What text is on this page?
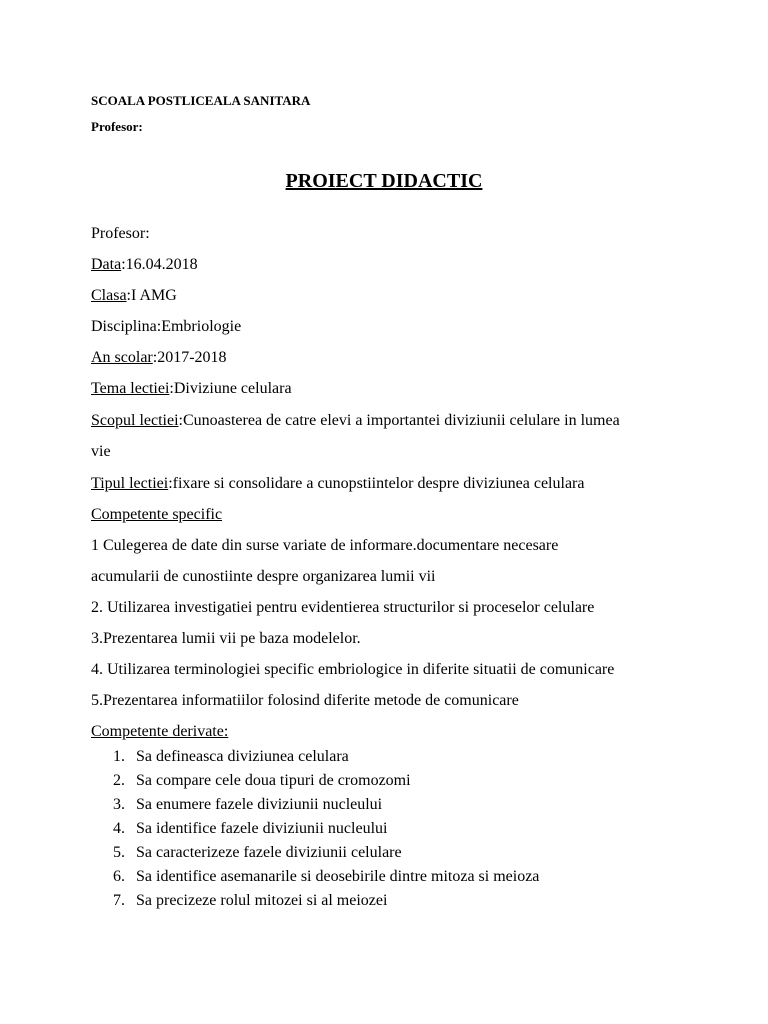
SCOALA POSTLICEALA SANITARA
Profesor:
PROIECT DIDACTIC
Profesor:
Data:16.04.2018
Clasa:I AMG
Disciplina:Embriologie
An scolar:2017-2018
Tema lectiei:Diviziune celulara
Scopul lectiei:Cunoasterea de catre elevi a importantei diviziunii celulare in lumea
vie
Tipul lectiei:fixare si consolidare a cunopstiintelor despre diviziunea celulara
Competente specific
1 Culegerea de date din surse variate de informare.documentare necesare
acumularii de cunostiinte despre organizarea lumii vii
2. Utilizarea investigatiei pentru evidentierea structurilor si proceselor celulare
3.Prezentarea lumii vii pe baza modelelor.
4. Utilizarea terminologiei specific embriologice in diferite situatii de comunicare
5.Prezentarea informatiilor folosind diferite metode de comunicare
Competente derivate:
1. Sa defineasca diviziunea celulara
2. Sa compare cele doua tipuri de cromozomi
3. Sa enumere fazele diviziunii nucleului
4. Sa identifice fazele diviziunii nucleului
5. Sa caracterizeze fazele diviziunii celulare
6. Sa identifice asemanarile si deosebirile dintre mitoza si meioza
7. Sa precizeze rolul mitozei si al meiozei
